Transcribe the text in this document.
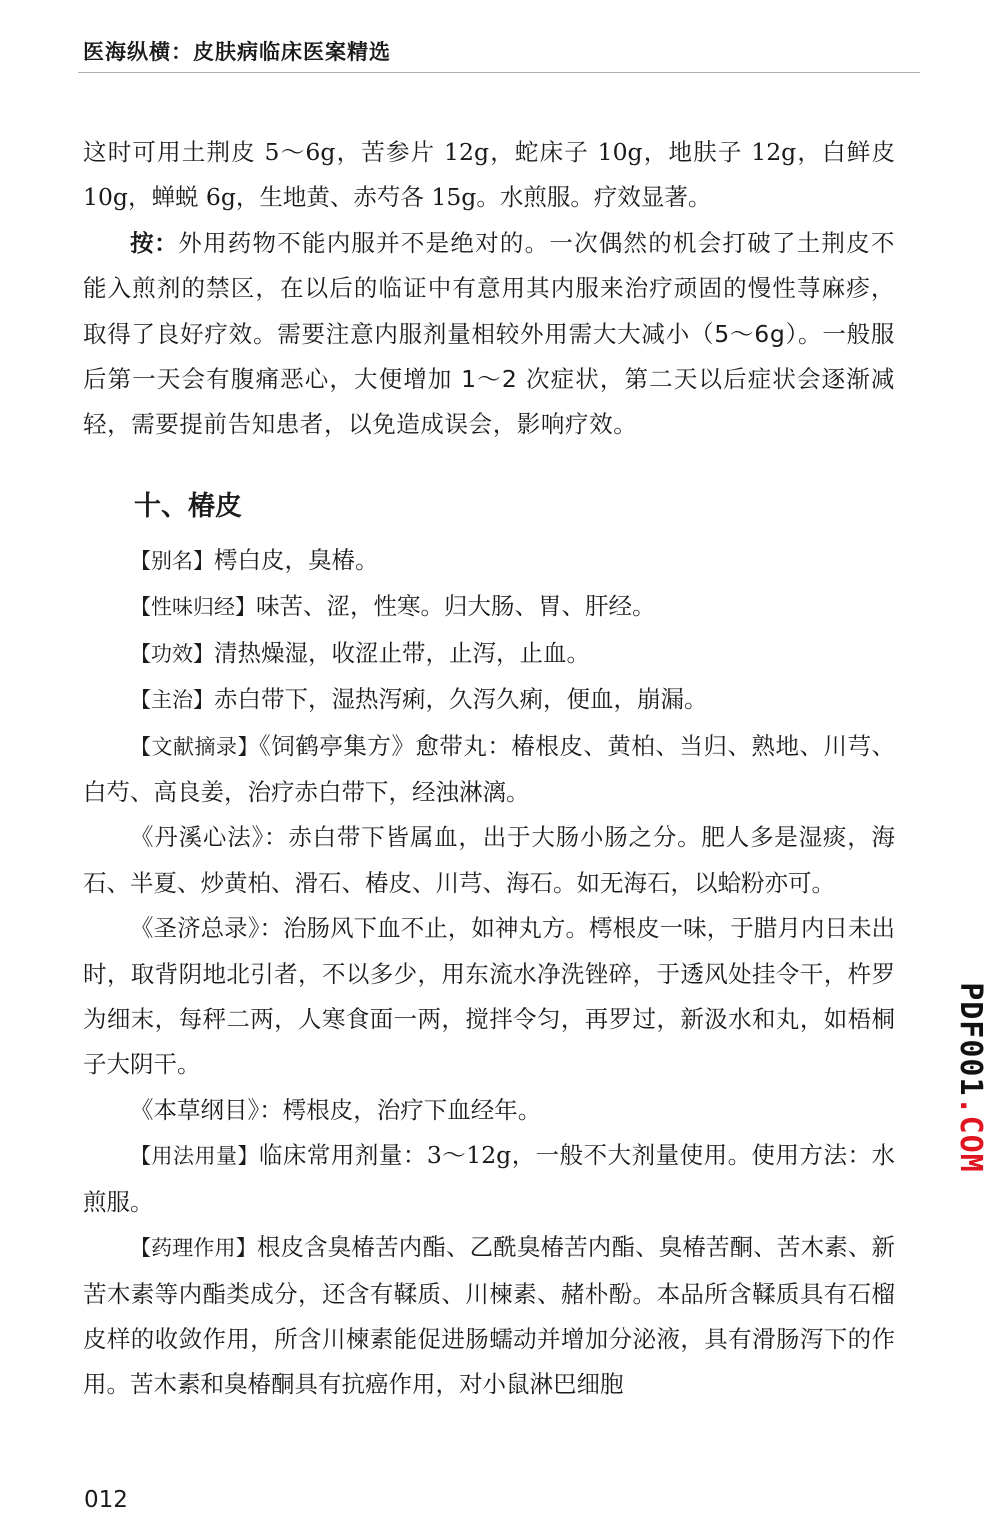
医海纵横：皮肤病临床医案精选

这时可用土荆皮 5～6g，苦参片 12g，蛇床子 10g，地肤子 12g，白鲜皮 10g，蝉蜕 6g，生地黄、赤芍各 15g。水煎服。疗效显著。

按：外用药物不能内服并不是绝对的。一次偶然的机会打破了土荆皮不能入煎剂的禁区，在以后的临证中有意用其内服来治疗顽固的慢性荨麻疹，取得了良好疗效。需要注意内服剂量相较外用需大大减小（5～6g）。一般服后第一天会有腹痛恶心，大便增加 1～2 次症状，第二天以后症状会逐渐减轻，需要提前告知患者，以免造成误会，影响疗效。

十、椿皮

【别名】樗白皮，臭椿。

【性味归经】味苦、涩，性寒。归大肠、胃、肝经。

【功效】清热燥湿，收涩止带，止泻，止血。

【主治】赤白带下，湿热泻痢，久泻久痢，便血，崩漏。

【文献摘录】《饲鹤亭集方》愈带丸：椿根皮、黄柏、当归、熟地、川芎、白芍、高良姜，治疗赤白带下，经浊淋漓。

《丹溪心法》：赤白带下皆属血，出于大肠小肠之分。肥人多是湿痰，海石、半夏、炒黄柏、滑石、椿皮、川芎、海石。如无海石，以蛤粉亦可。

《圣济总录》：治肠风下血不止，如神丸方。樗根皮一味，于腊月内日未出时，取背阴地北引者，不以多少，用东流水净洗锉碎，于透风处挂令干，杵罗为细末，每秤二两，人寒食面一两，搅拌令匀，再罗过，新汲水和丸，如梧桐子大阴干。

《本草纲目》：樗根皮，治疗下血经年。

【用法用量】临床常用剂量：3～12g，一般不大剂量使用。使用方法：水煎服。

【药理作用】根皮含臭椿苦内酯、乙酰臭椿苦内酯、臭椿苦酮、苦木素、新苦木素等内酯类成分，还含有鞣质、川楝素、赭朴酚。本品所含鞣质具有石榴皮样的收敛作用，所含川楝素能促进肠蠕动并增加分泌液，具有滑肠泻下的作用。苦木素和臭椿酮具有抗癌作用，对小鼠淋巴细胞

012
PDF001.COM
